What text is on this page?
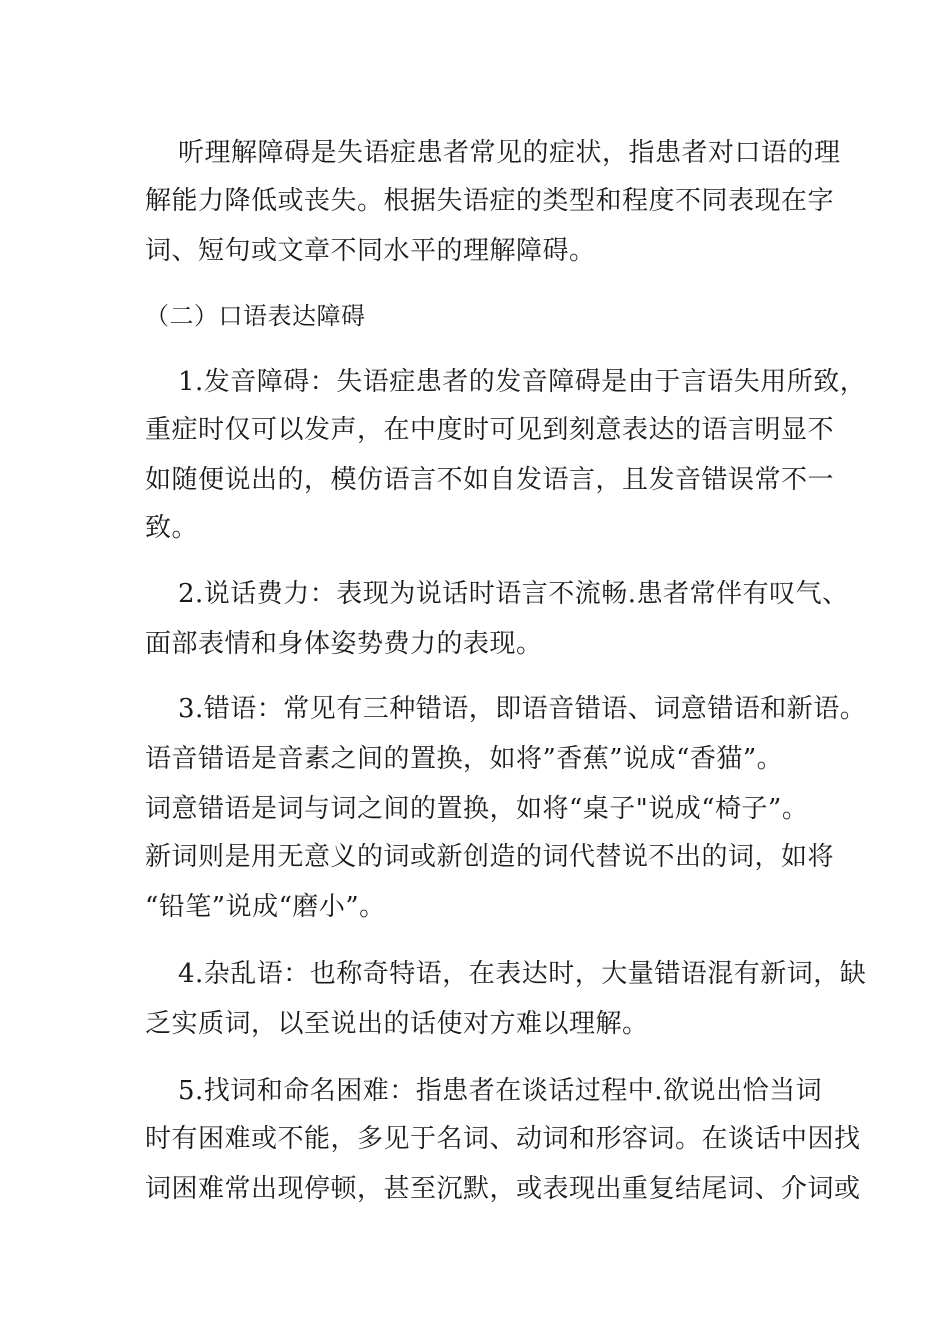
听理解障碍是失语症患者常见的症状，指患者对口语的理
解能力降低或丧失。根据失语症的类型和程度不同表现在字
词、短句或文章不同水平的理解障碍。
（二）口语表达障碍
1.发音障碍：失语症患者的发音障碍是由于言语失用所致，
重症时仅可以发声，在中度时可见到刻意表达的语言明显不
如随便说出的，模仿语言不如自发语言，且发音错误常不一
致。
2.说话费力：表现为说话时语言不流畅.患者常伴有叹气、
面部表情和身体姿势费力的表现。
3.错语：常见有三种错语，即语音错语、词意错语和新语。
语音错语是音素之间的置换，如将”香蕉”说成“香猫”。
词意错语是词与词之间的置换，如将“桌子"说成“椅子”。
新词则是用无意义的词或新创造的词代替说不出的词，如将
“铅笔”说成“磨小”。
4.杂乱语：也称奇特语，在表达时，大量错语混有新词，缺
乏实质词，以至说出的话使对方难以理解。
5.找词和命名困难：指患者在谈话过程中.欲说出恰当词
时有困难或不能，多见于名词、动词和形容词。在谈话中因找
词困难常出现停顿，甚至沉默，或表现出重复结尾词、介词或
